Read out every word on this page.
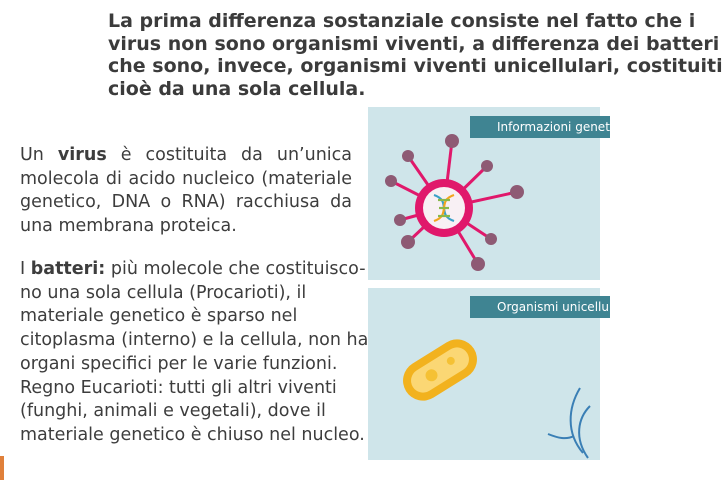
La prima differenza sostanziale consiste nel fatto che i
virus non sono organismi viventi, a differenza dei batteri
che sono, invece, organismi viventi unicellulari, costituiti
cioè da una sola cellula.

Un virus è costituita da un’unica molecola di acido nucleico (materiale genetico, DNA o RNA) racchiusa da una membrana proteica.

I batteri: più molecole che costituisco-
no una sola cellula (Procarioti), il
materiale genetico è sparso nel
citoplasma (interno) e la cellula, non ha
organi specifici per le varie funzioni.
Regno Eucarioti: tutti gli altri viventi
(funghi, animali e vegetali), dove il
materiale genetico è chiuso nel nucleo.
Informazioni genetiche
Organismi unicellulari
